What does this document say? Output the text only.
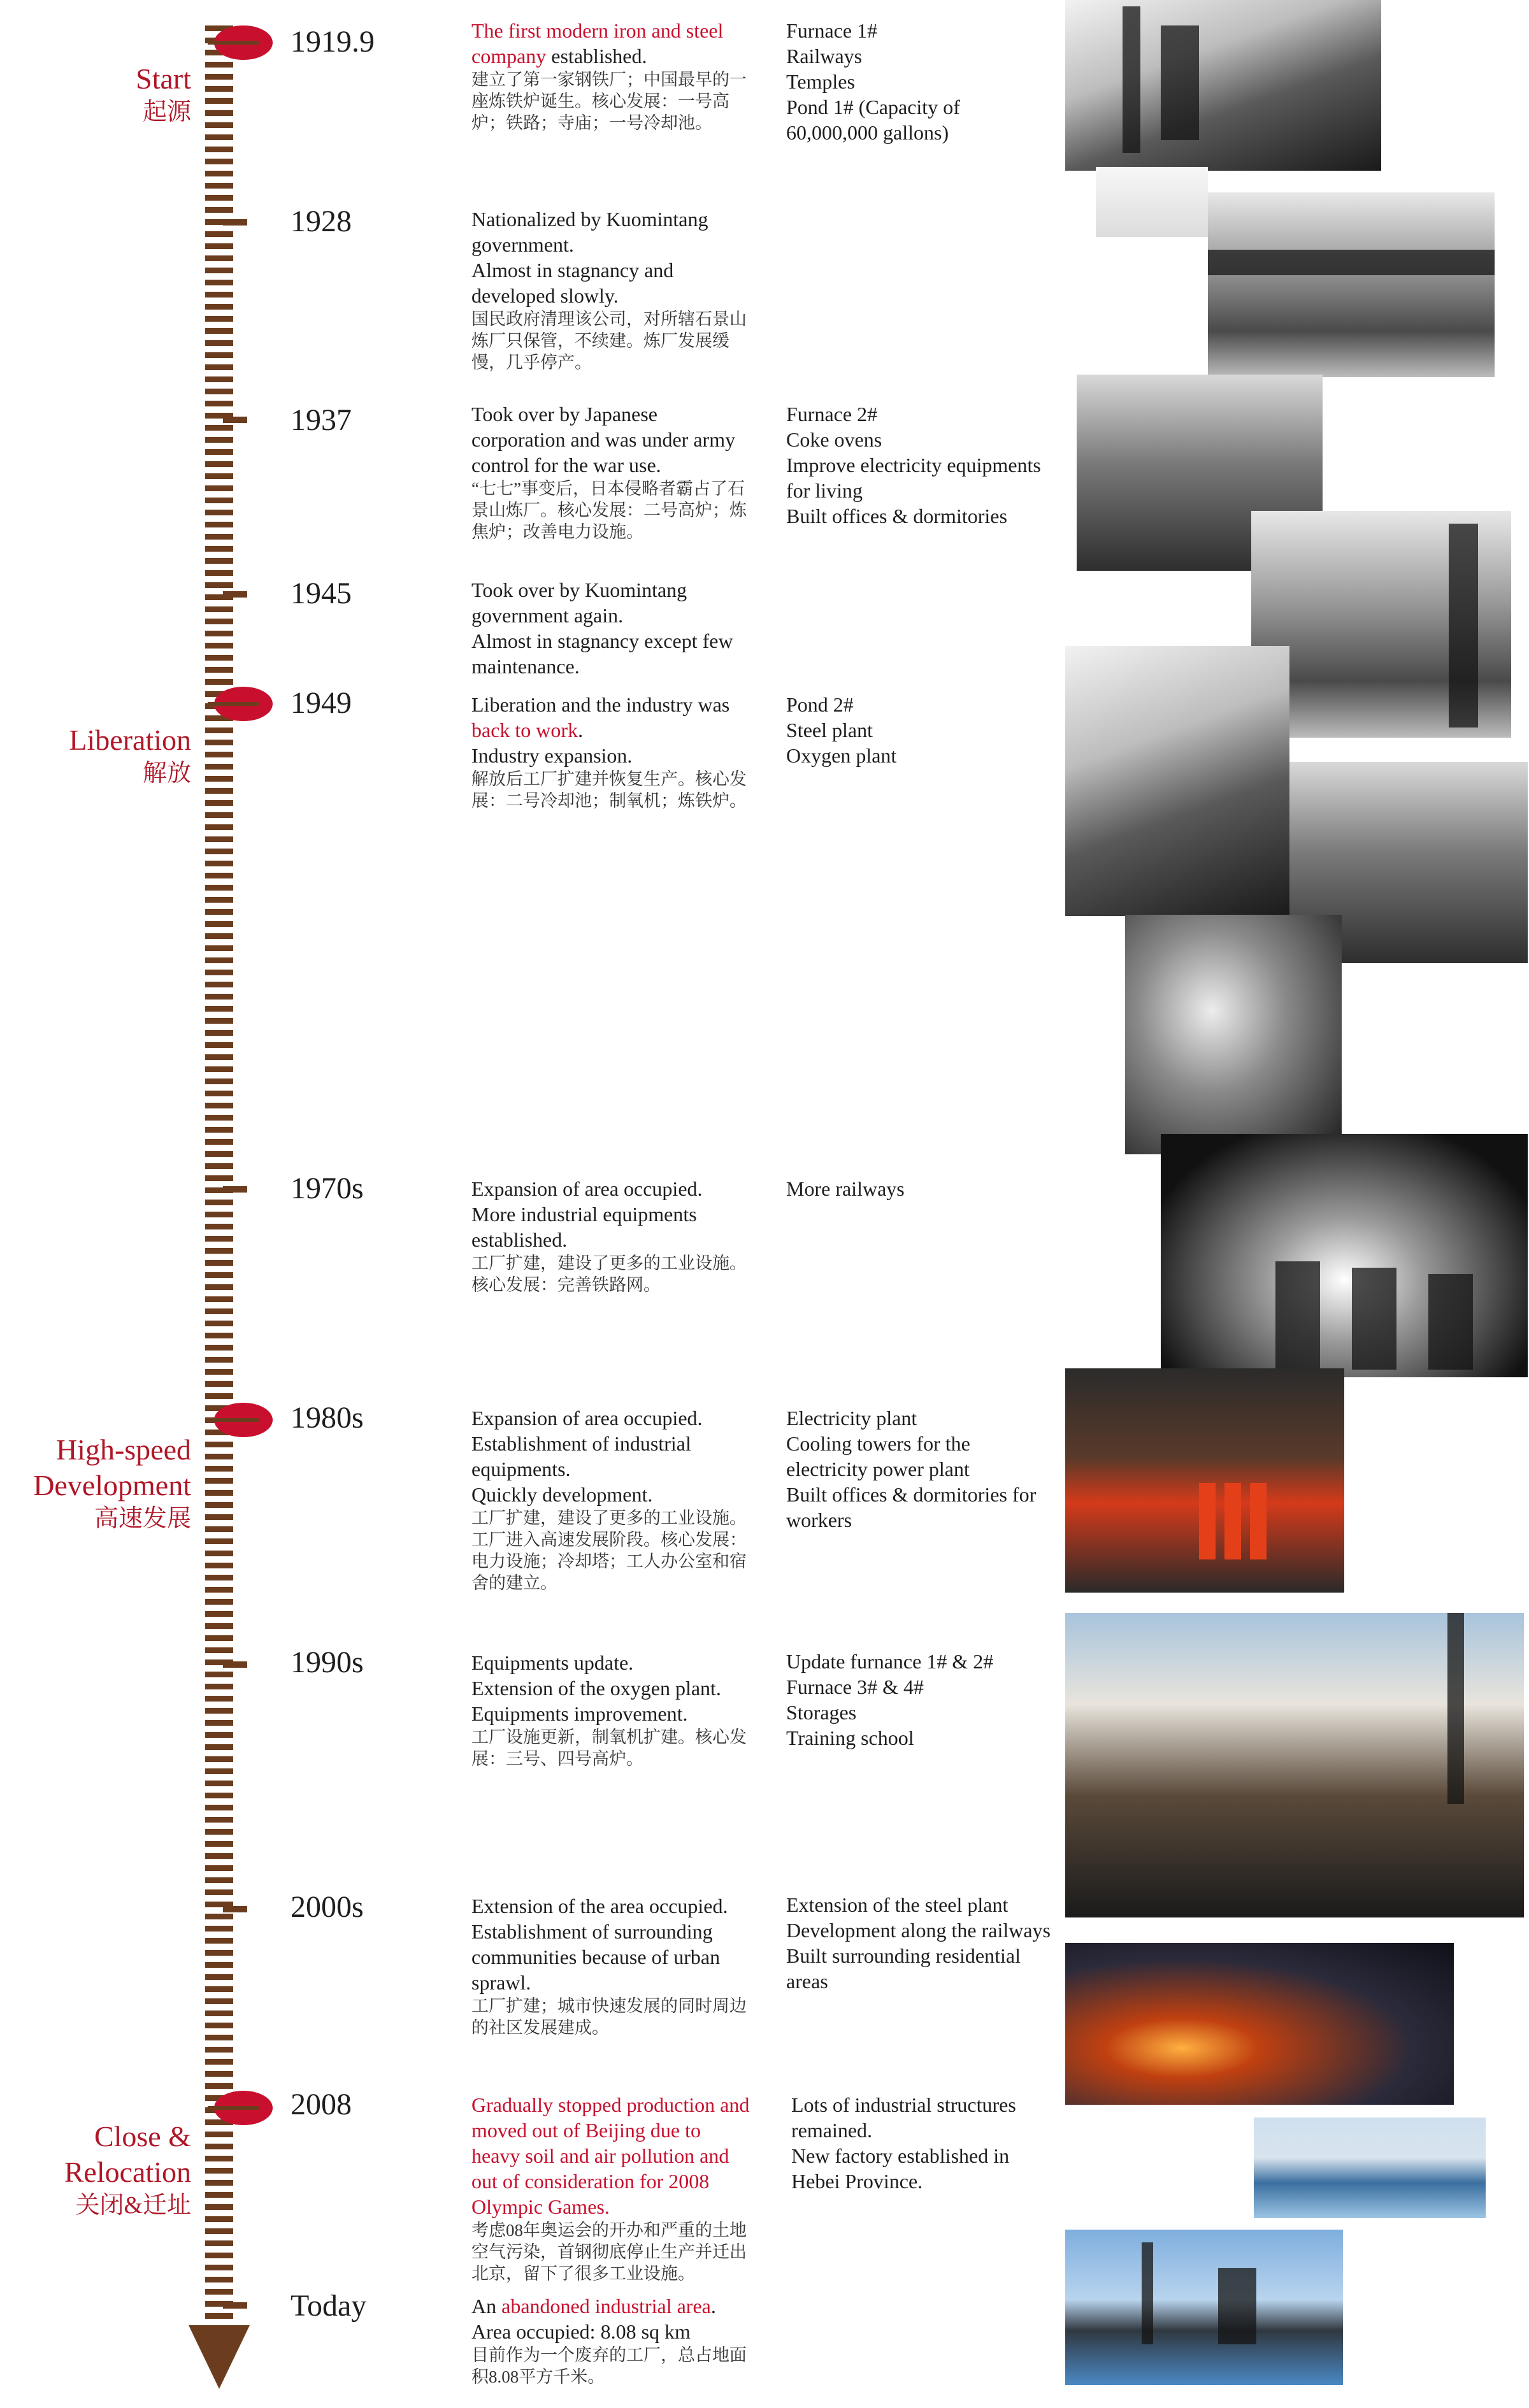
Start

起源

Liberation

解放

High-speed
Development

高速发展

Close &
Relocation

关闭&迁址

1919.9
1928
1937
1945
1949
1970s
1980s
1990s
2000s
2008
Today
The first modern iron and steel company established.
建立了第一家钢铁厂；中国最早的一座炼铁炉诞生。核心发展：一号高炉；铁路；寺庙；一号冷却池。
Nationalized by Kuomintang government.
Almost in stagnancy and developed slowly.
国民政府清理该公司，对所辖石景山炼厂只保管，不续建。炼厂发展缓慢，几乎停产。
Took over by Japanese corporation and was under army control for the war use.
“七七”事变后，日本侵略者霸占了石景山炼厂。核心发展：二号高炉；炼焦炉；改善电力设施。
Took over by Kuomintang government again.
Almost in stagnancy except few maintenance.
Liberation and the industry was back to work.
Industry expansion.
解放后工厂扩建并恢复生产。核心发展：二号冷却池；制氧机；炼铁炉。
Expansion of area occupied.
More industrial equipments established.
工厂扩建，建设了更多的工业设施。核心发展：完善铁路网。
Expansion of area occupied.
Establishment of industrial equipments.
Quickly development.
工厂扩建，建设了更多的工业设施。工厂进入高速发展阶段。核心发展：电力设施；冷却塔；工人办公室和宿舍的建立。
Equipments update.
Extension of the oxygen plant.
Equipments improvement.
工厂设施更新，制氧机扩建。核心发展：三号、四号高炉。
Extension of the area occupied.
Establishment of surrounding communities because of urban sprawl.
工厂扩建；城市快速发展的同时周边的社区发展建成。
Gradually stopped production and moved out of Beijing due to heavy soil and air pollution and out of consideration for 2008 Olympic Games.
考虑08年奥运会的开办和严重的土地空气污染，首钢彻底停止生产并迁出北京，留下了很多工业设施。
An abandoned industrial area.
Area occupied: 8.08 sq km
目前作为一个废弃的工厂，总占地面积8.08平方千米。
Furnace 1#
Railways
Temples
Pond 1# (Capacity of 60,000,000 gallons)
Furnace 2#
Coke ovens
Improve electricity equipments for living
Built offices & dormitories
Pond 2#
Steel plant
Oxygen plant
More railways
Electricity plant
Cooling towers for the electricity power plant
Built offices & dormitories for workers
Update furnance 1# & 2#
Furnace 3# & 4#
Storages
Training school
Extension of the steel plant
Development along the railways
Built surrounding residential areas
Lots of industrial structures remained.
New factory established in Hebei Province.
